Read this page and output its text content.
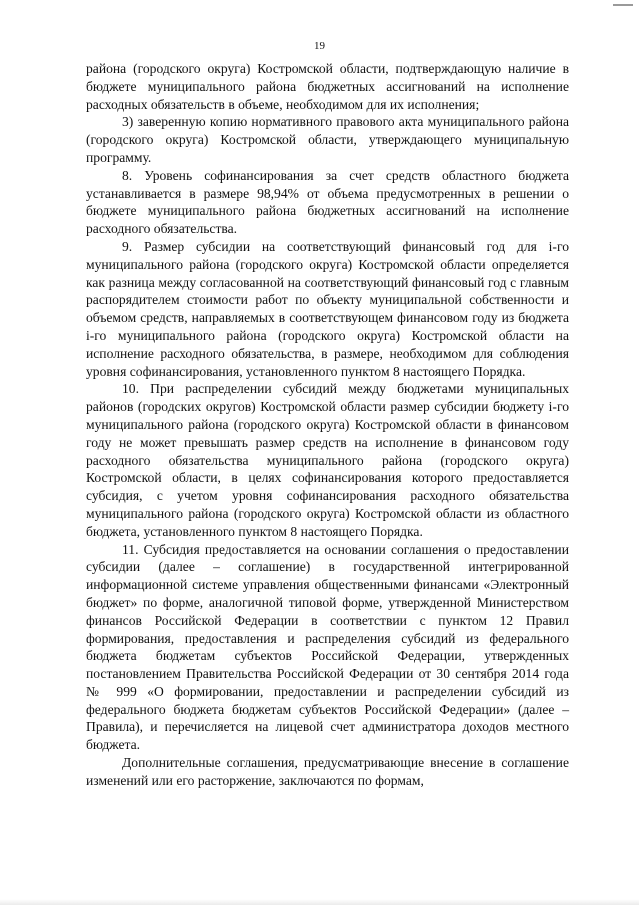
19

района (городского округа) Костромской области, подтверждающую наличие в бюджете муниципального района бюджетных ассигнований на исполнение расходных обязательств в объеме, необходимом для их исполнения;

3) заверенную копию нормативного правового акта муниципального района (городского округа) Костромской области, утверждающего муниципальную программу.

8. Уровень софинансирования за счет средств областного бюджета устанавливается в размере 98,94% от объема предусмотренных в решении о бюджете муниципального района бюджетных ассигнований на исполнение расходного обязательства.

9. Размер субсидии на соответствующий финансовый год для i-го муниципального района (городского округа) Костромской области определяется как разница между согласованной на соответствующий финансовый год с главным распорядителем стоимости работ по объекту муниципальной собственности и объемом средств, направляемых в соответствующем финансовом году из бюджета i-го муниципального района (городского округа) Костромской области на исполнение расходного обязательства, в размере, необходимом для соблюдения уровня софинансирования, установленного пунктом 8 настоящего Порядка.

10. При распределении субсидий между бюджетами муниципальных районов (городских округов) Костромской области размер субсидии бюджету i-го муниципального района (городского округа) Костромской области в финансовом году не может превышать размер средств на исполнение в финансовом году расходного обязательства муниципального района (городского округа) Костромской области, в целях софинансирования которого предоставляется субсидия, с учетом уровня софинансирования расходного обязательства муниципального района (городского округа) Костромской области из областного бюджета, установленного пунктом 8 настоящего Порядка.

11. Субсидия предоставляется на основании соглашения о предоставлении субсидии (далее – соглашение) в государственной интегрированной информационной системе управления общественными финансами «Электронный бюджет» по форме, аналогичной типовой форме, утвержденной Министерством финансов Российской Федерации в соответствии с пунктом 12 Правил формирования, предоставления и распределения субсидий из федерального бюджета бюджетам субъектов Российской Федерации, утвержденных постановлением Правительства Российской Федерации от 30 сентября 2014 года № 999 «О формировании, предоставлении и распределении субсидий из федерального бюджета бюджетам субъектов Российской Федерации» (далее – Правила), и перечисляется на лицевой счет администратора доходов местного бюджета.

Дополнительные соглашения, предусматривающие внесение в соглашение изменений или его расторжение, заключаются по формам,
